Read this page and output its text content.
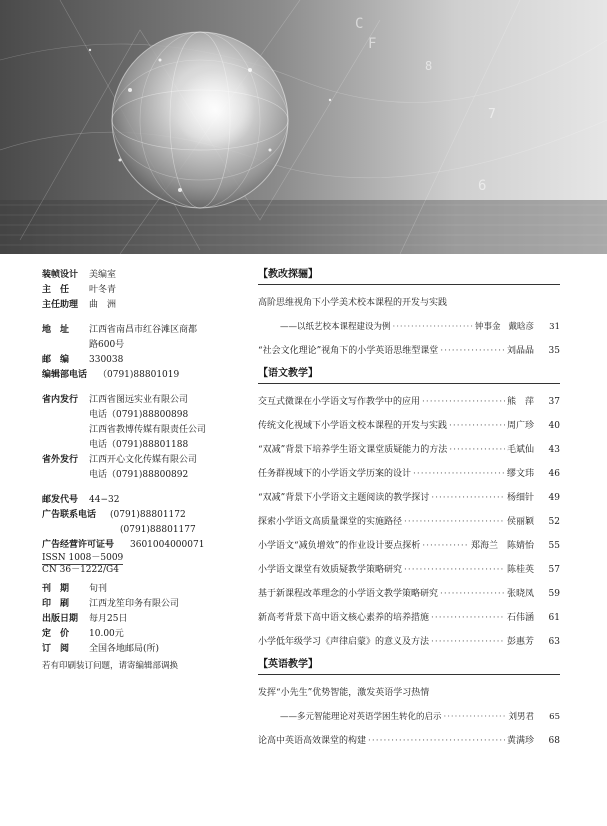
C
F
8
7
6
装帧设计	美编室
主　任	叶冬青
主任助理	曲　洲
地　址	江西省南昌市红谷滩区商都
路600号
邮　编	330038
编辑部电话	（0791)88801019
省内发行	江西省图远实业有限公司
电话（0791)88800898
江西省教博传媒有限责任公司
电话（0791)88801188
省外发行	江西开心文化传媒有限公司
电话（0791)88800892
邮发代号	44−32
广告联系电话	(0791)88801172
(0791)88801177
广告经营许可证号	3601004000071
ISSN 1008－5009
CN 36－1222/G4
刊　期	旬刊
印　刷	江西龙笙印务有限公司
出版日期	每月25日
定　价	10.00元
订　阅	全国各地邮局(所)
若有印刷装订问题，请寄编辑部调换
【教改探骊】
高阶思维视角下小学美术校本课程的开发与实践
——以纸艺校本课程建设为例 ·····	钟事金 戴晗彦	31
“社会文化理论”视角下的小学英语思维型课堂 ·····	刘晶晶	35
【语文教学】
交互式微课在小学语文写作教学中的应用 ·····	熊　萍	37
传统文化视域下小学语文校本课程的开发与实践 ·····	周广珍	40
“双减”背景下培养学生语文课堂质疑能力的方法 ·····	毛斌仙	43
任务群视域下的小学语文学历案的设计 ·····	缪文玮	46
“双减”背景下小学语文主题阅读的教学探讨 ·····	杨细针	49
探索小学语文高质量课堂的实施路径 ·····	侯丽颖	52
小学语文“减负增效”的作业设计要点探析 ·····	郑海兰　陈婧怡	55
小学语文课堂有效质疑教学策略研究 ·····	陈桂英	57
基于新课程改革理念的小学语文教学策略研究 ·····	张晓凤	59
新高考背景下高中语文核心素养的培养措施 ·····	石伟涵	61
小学低年级学习《声律启蒙》的意义及方法 ·····	彭惠芳	63
【英语教学】
发挥“小先生”优势智能，激发英语学习热情
——多元智能理论对英语学困生转化的启示 ·····	刘男君	65
论高中英语高效课堂的构建 ·····	黄满珍	68
